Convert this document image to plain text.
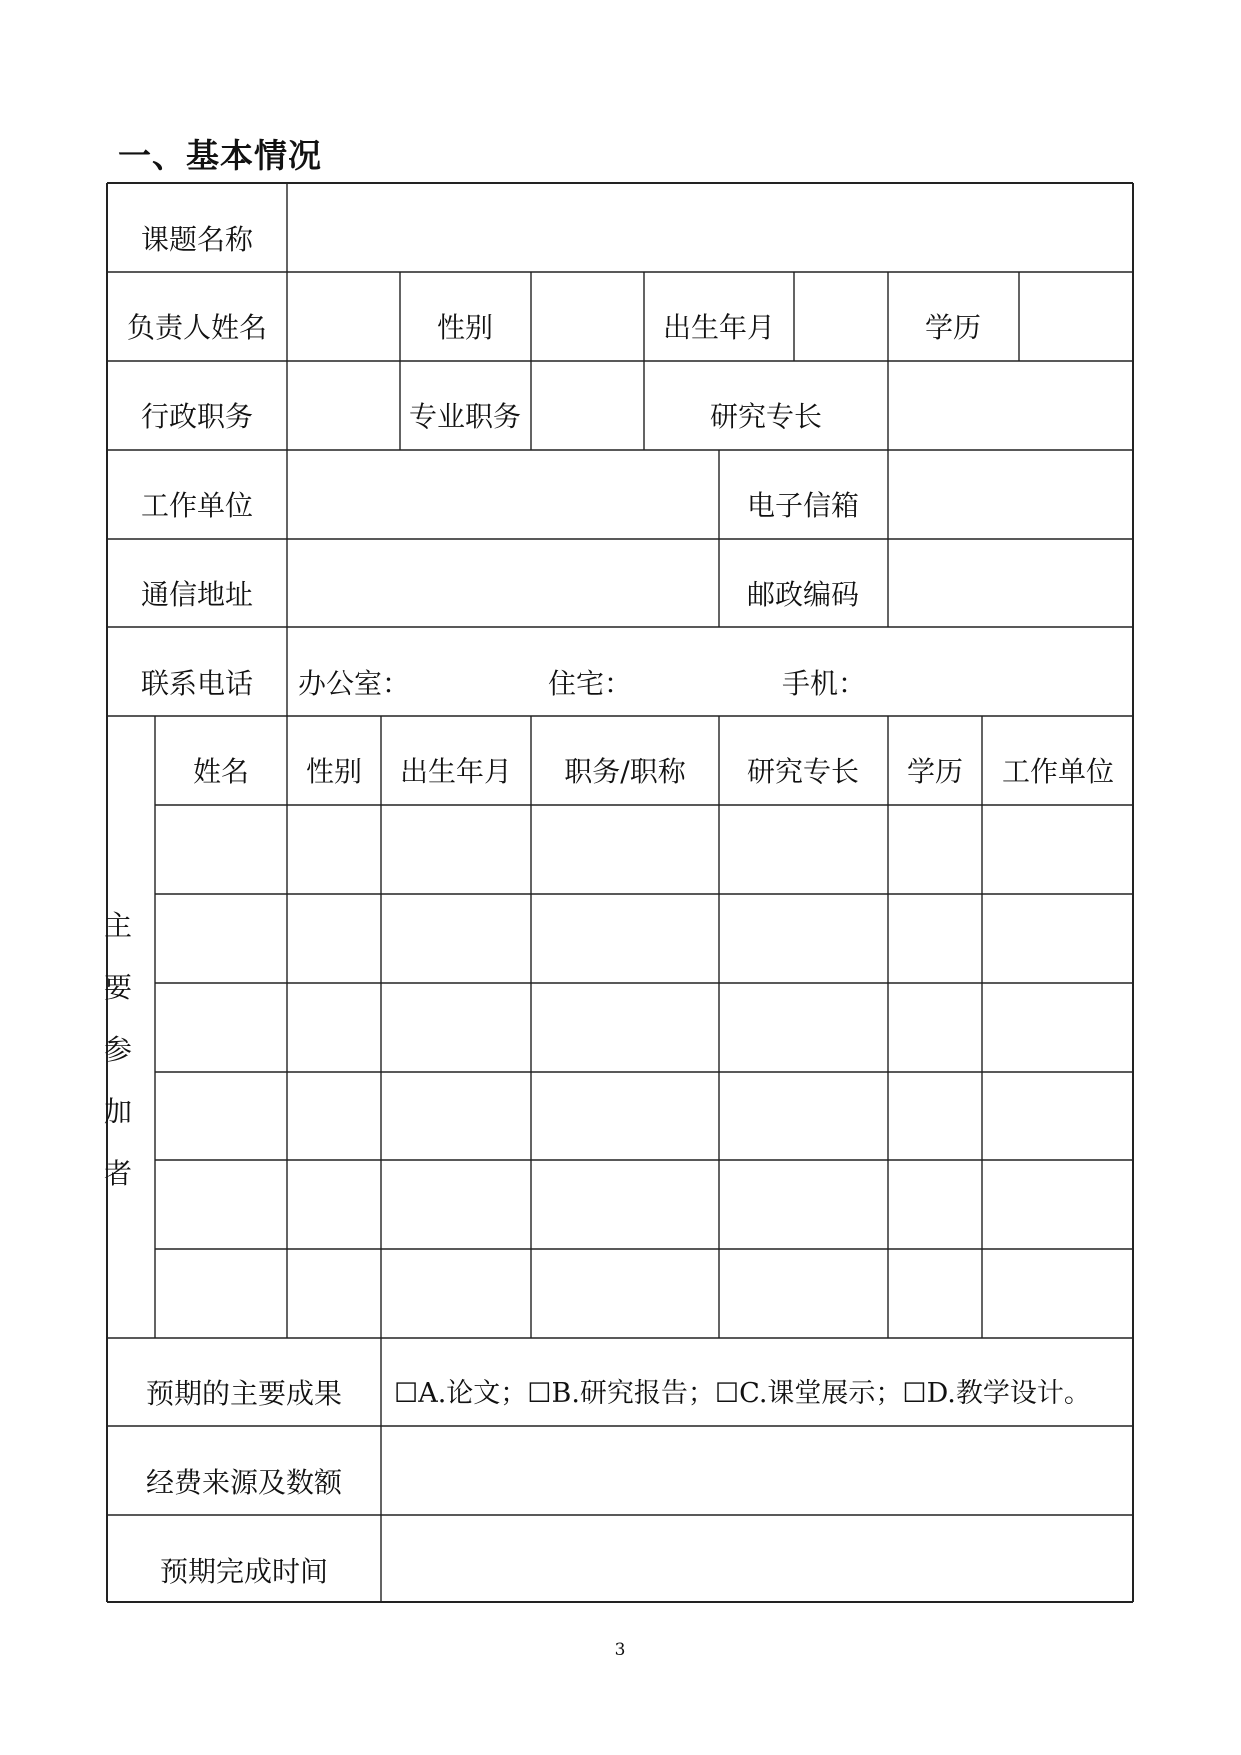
一、基本情况
课题名称
负责人姓名	性别	出生年月	学历
行政职务	专业职务	研究专长
工作单位	电子信箱
通信地址	邮政编码
联系电话 办公室：	住宅：	手机：
姓名 性别 出生年月 职务/职称 研究专长 学历 工作单位
主
要
参
加
者
预期的主要成果 ☐A.论文；☐B.研究报告；☐C.课堂展示；☐D.教学设计。
经费来源及数额
预期完成时间
3
